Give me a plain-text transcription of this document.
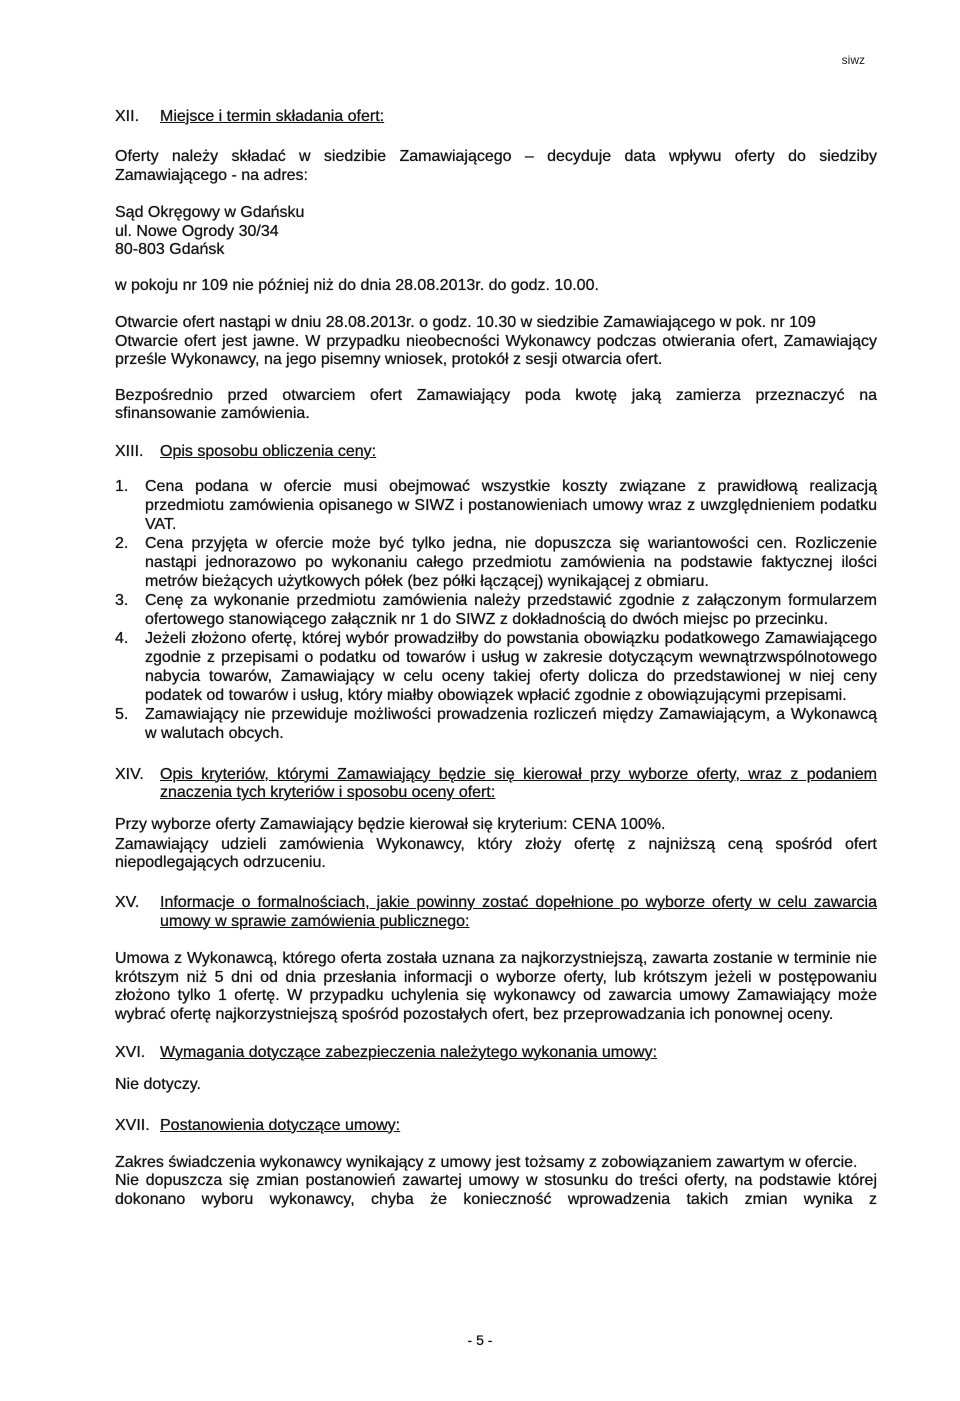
siwz
XII.	Miejsce i termin składania ofert:

Oferty należy składać w siedzibie Zamawiającego – decyduje data wpływu oferty do siedziby Zamawiającego - na adres:

Sąd Okręgowy w Gdańsku
ul. Nowe Ogrody 30/34
80-803 Gdańsk

w pokoju nr 109 nie później niż do dnia 28.08.2013r. do godz. 10.00.

Otwarcie ofert nastąpi w dniu 28.08.2013r. o godz. 10.30 w siedzibie Zamawiającego w pok. nr 109

Otwarcie ofert jest jawne. W przypadku nieobecności Wykonawcy podczas otwierania ofert, Zamawiający prześle Wykonawcy, na jego pisemny wniosek, protokół z sesji otwarcia ofert.

Bezpośrednio przed otwarciem ofert Zamawiający poda kwotę jaką zamierza przeznaczyć na sfinansowanie zamówienia.

XIII.	Opis sposobu obliczenia ceny:
1.	Cena podana w ofercie musi obejmować wszystkie koszty związane z prawidłową realizacją przedmiotu zamówienia opisanego w SIWZ i postanowieniach umowy wraz z uwzględnieniem podatku VAT.
2.	Cena przyjęta w ofercie może być tylko jedna, nie dopuszcza się wariantowości cen. Rozliczenie nastąpi jednorazowo po wykonaniu całego przedmiotu zamówienia na podstawie faktycznej ilości metrów bieżących użytkowych półek (bez półki łączącej) wynikającej z obmiaru.
3.	Cenę za wykonanie przedmiotu zamówienia należy przedstawić zgodnie z załączonym formularzem ofertowego stanowiącego załącznik nr 1 do SIWZ z dokładnością do dwóch miejsc po przecinku.
4.	Jeżeli złożono ofertę, której wybór prowadziłby do powstania obowiązku podatkowego Zamawiającego zgodnie z przepisami o podatku od towarów i usług w zakresie dotyczącym wewnątrzwspólnotowego nabycia towarów, Zamawiający w celu oceny takiej oferty dolicza do przedstawionej w niej ceny podatek od towarów i usług, który miałby obowiązek wpłacić zgodnie z obowiązującymi przepisami.
5.	Zamawiający nie przewiduje możliwości prowadzenia rozliczeń między Zamawiającym, a Wykonawcą w walutach obcych.
XIV.	Opis kryteriów, którymi Zamawiający będzie się kierował przy wyborze oferty, wraz z podaniem znaczenia tych kryteriów i sposobu oceny ofert:

Przy wyborze oferty Zamawiający będzie kierował się kryterium: CENA 100%.

Zamawiający udzieli zamówienia Wykonawcy, który złoży ofertę z najniższą ceną spośród ofert niepodlegających odrzuceniu.

XV.	Informacje o formalnościach, jakie powinny zostać dopełnione po wyborze oferty w celu zawarcia umowy w sprawie zamówienia publicznego:

Umowa z Wykonawcą, którego oferta została uznana za najkorzystniejszą, zawarta zostanie w terminie nie krótszym niż 5 dni od dnia przesłania informacji o wyborze oferty, lub krótszym jeżeli w postępowaniu złożono tylko 1 ofertę. W przypadku uchylenia się wykonawcy od zawarcia umowy Zamawiający może wybrać ofertę najkorzystniejszą spośród pozostałych ofert, bez przeprowadzania ich ponownej oceny.

XVI. Wymagania dotyczące zabezpieczenia należytego wykonania umowy:

Nie dotyczy.

XVII. Postanowienia dotyczące umowy:

Zakres świadczenia wykonawcy wynikający z umowy jest tożsamy z zobowiązaniem zawartym w ofercie.

Nie dopuszcza się zmian postanowień zawartej umowy w stosunku do treści oferty, na podstawie której dokonano wyboru wykonawcy, chyba że konieczność wprowadzenia takich zmian wynika z

- 5 -
